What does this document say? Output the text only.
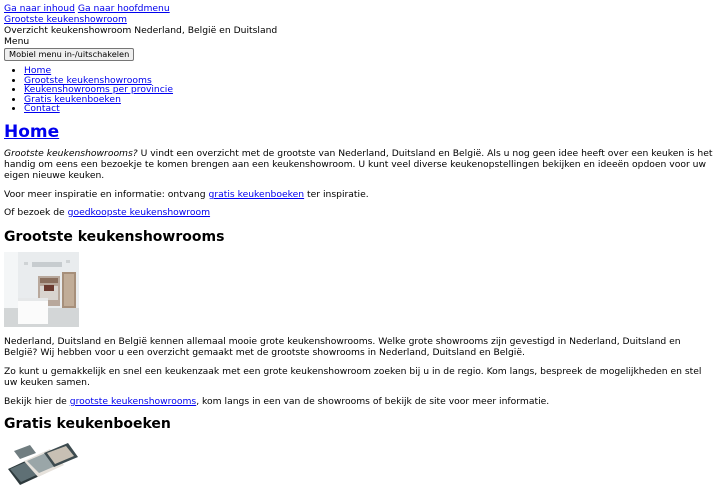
Ga naar inhoud Ga naar hoofdmenu
Grootste keukenshowroom
Overzicht keukenshowroom Nederland, België en Duitsland
Menu
Mobiel menu in-/uitschakelen
• Home
• Grootste keukenshowrooms
• Keukenshowrooms per provincie
• Gratis keukenboeken
• Contact
Home

Grootste keukenshowrooms? U vindt een overzicht met de grootste van Nederland, Duitsland en België. Als u nog geen idee heeft over een keuken is het handig om eens een bezoekje te komen brengen aan een keukenshowroom. U kunt veel diverse keukenopstellingen bekijken en ideeën opdoen voor uw eigen nieuwe keuken.

Voor meer inspiratie en informatie: ontvang gratis keukenboeken ter inspiratie.

Of bezoek de goedkoopste keukenshowroom

Grootste keukenshowrooms

Nederland, Duitsland en België kennen allemaal mooie grote keukenshowrooms. Welke grote showrooms zijn gevestigd in Nederland, Duitsland en België? Wij hebben voor u een overzicht gemaakt met de grootste showrooms in Nederland, Duitsland en België.

Zo kunt u gemakkelijk en snel een keukenzaak met een grote keukenshowroom zoeken bij u in de regio. Kom langs, bespreek de mogelijkheden en stel uw keuken samen.

Bekijk hier de grootste keukenshowrooms, kom langs in een van de showrooms of bekijk de site voor meer informatie.

Gratis keukenboeken
